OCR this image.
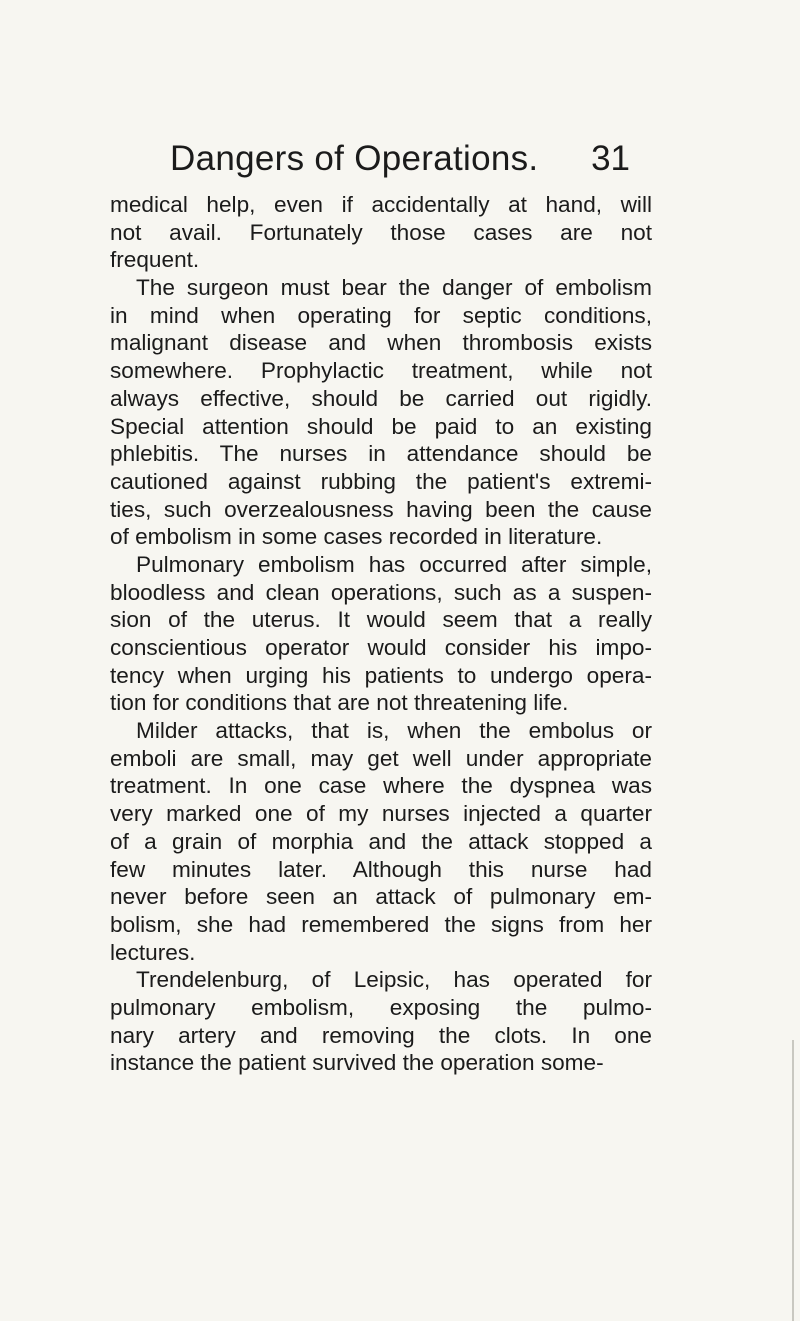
Dangers of Operations. 31
medical help, even if accidentally at hand, will
not avail. Fortunately those cases are not
frequent.
The surgeon must bear the danger of embolism
in mind when operating for septic conditions,
malignant disease and when thrombosis exists
somewhere. Prophylactic treatment, while not
always effective, should be carried out rigidly.
Special attention should be paid to an existing
phlebitis. The nurses in attendance should be
cautioned against rubbing the patient's extremi-
ties, such overzealousness having been the cause
of embolism in some cases recorded in literature.
Pulmonary embolism has occurred after simple,
bloodless and clean operations, such as a suspen-
sion of the uterus. It would seem that a really
conscientious operator would consider his impo-
tency when urging his patients to undergo opera-
tion for conditions that are not threatening life.
Milder attacks, that is, when the embolus or
emboli are small, may get well under appropriate
treatment. In one case where the dyspnea was
very marked one of my nurses injected a quarter
of a grain of morphia and the attack stopped a
few minutes later. Although this nurse had
never before seen an attack of pulmonary em-
bolism, she had remembered the signs from her
lectures.
Trendelenburg, of Leipsic, has operated for
pulmonary embolism, exposing the pulmo-
nary artery and removing the clots. In one
instance the patient survived the operation some-
